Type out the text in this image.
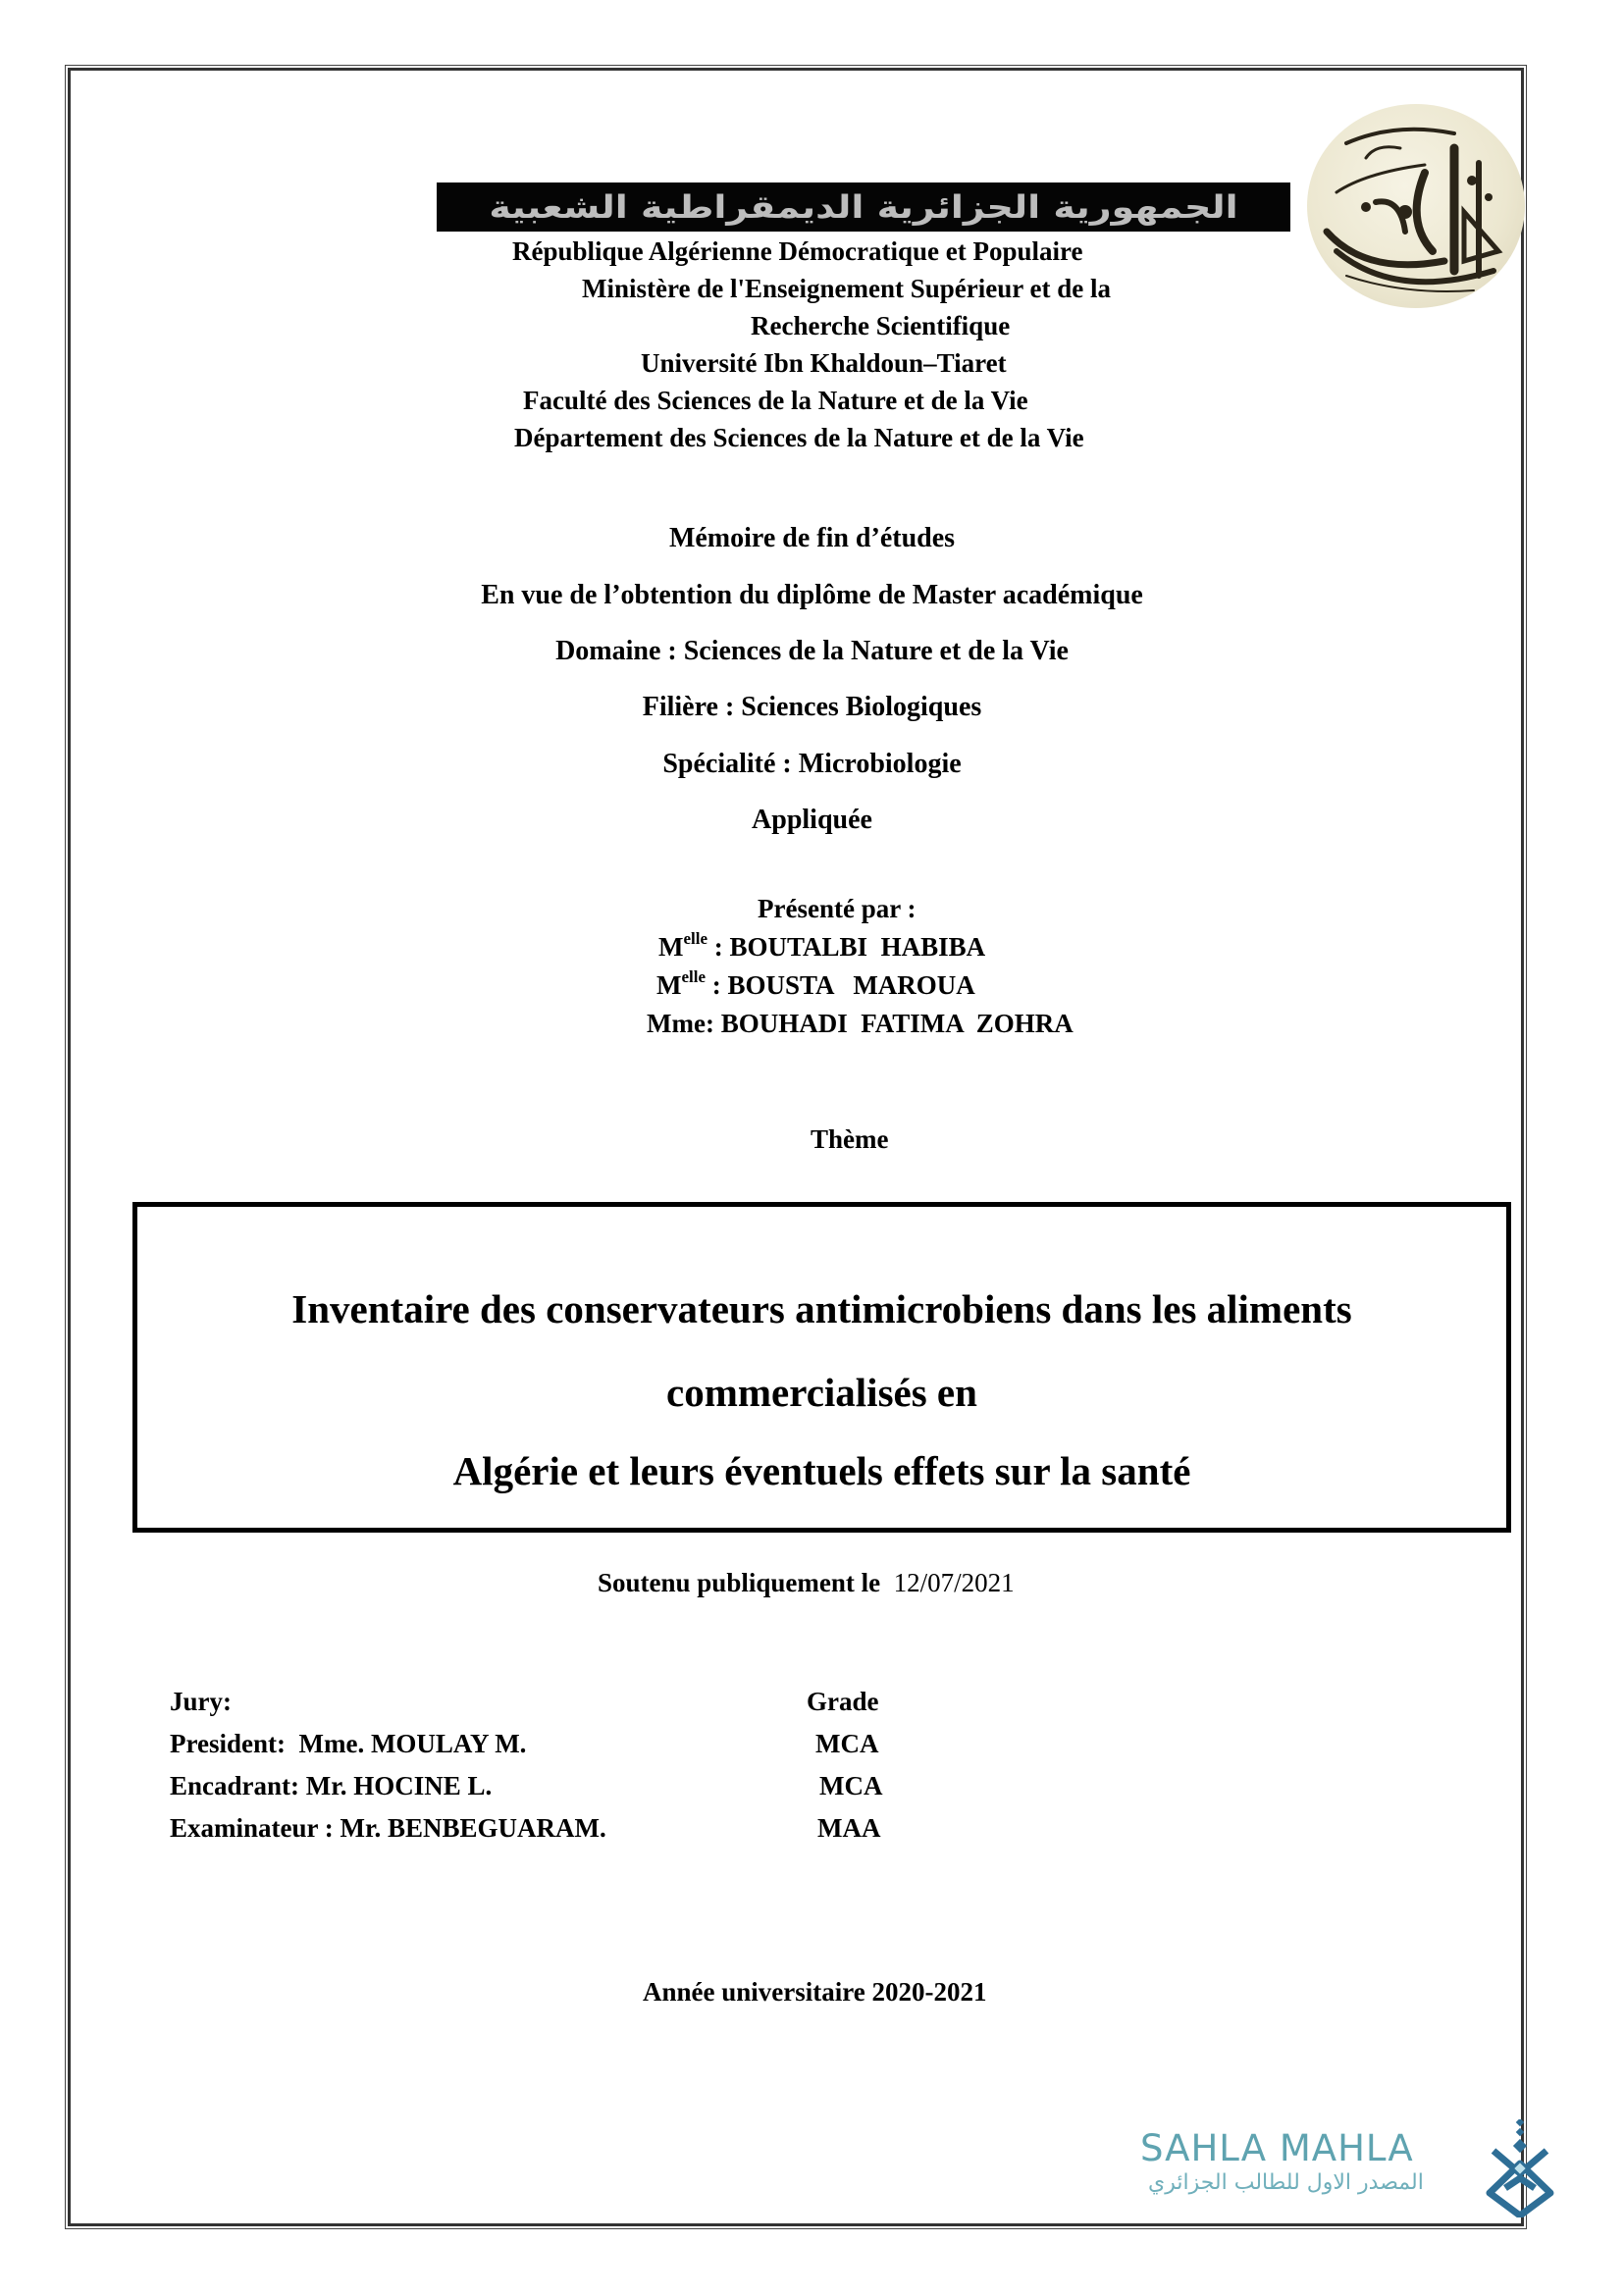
الجمهورية الجزائرية الديمقراطية الشعبية
République Algérienne Démocratique et Populaire
Ministère de l'Enseignement Supérieur et de la
Recherche Scientifique
Université Ibn Khaldoun–Tiaret
Faculté des Sciences de la Nature et de la Vie
Département des Sciences de la Nature et de la Vie
Mémoire de fin d’études
En vue de l’obtention du diplôme de Master académique
Domaine : Sciences de la Nature et de la Vie
Filière : Sciences Biologiques
Spécialité : Microbiologie
Appliquée
Présenté par :
$M^{elle}$ : BOUTALBI  HABIBA
$M^{elle}$ : BOUSTA   MAROUA
Mme: BOUHADI  FATIMA  ZOHRA
Thème
Inventaire des conservateurs antimicrobiens dans les aliments
commercialisés en
Algérie et leurs éventuels effets sur la santé
Soutenu publiquement le 12/07/2021
Jury:	Grade
President:  Mme. MOULAY M.	MCA
Encadrant: Mr. HOCINE L.	MCA
Examinateur : Mr. BENBEGUARAM.	MAA
Année universitaire 2020-2021
SAHLA MAHLA
المصدر الاول للطالب الجزائري
